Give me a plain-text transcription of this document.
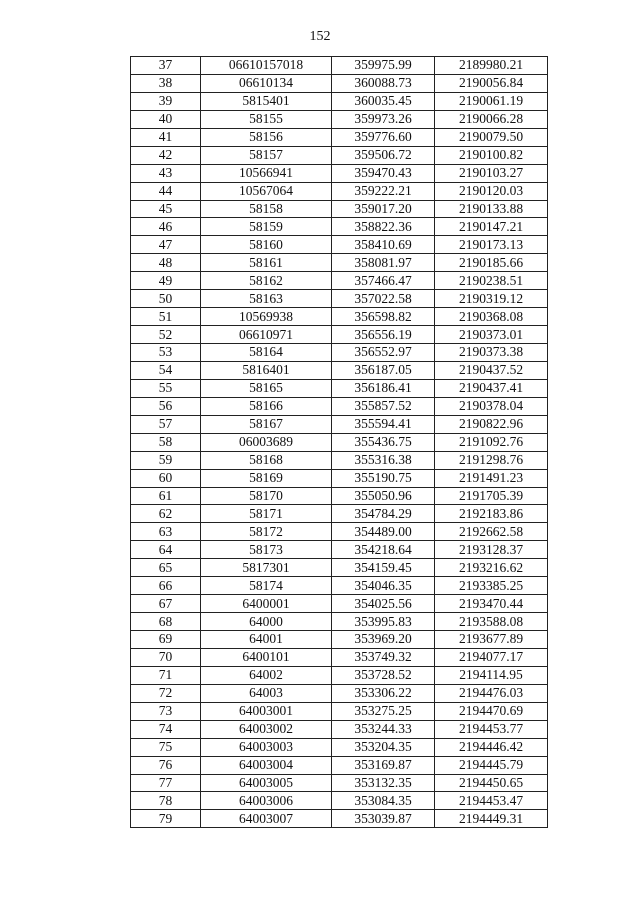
152
37	06610157018	359975.99	2189980.21
38	06610134	360088.73	2190056.84
39	5815401	360035.45	2190061.19
40	58155	359973.26	2190066.28
41	58156	359776.60	2190079.50
42	58157	359506.72	2190100.82
43	10566941	359470.43	2190103.27
44	10567064	359222.21	2190120.03
45	58158	359017.20	2190133.88
46	58159	358822.36	2190147.21
47	58160	358410.69	2190173.13
48	58161	358081.97	2190185.66
49	58162	357466.47	2190238.51
50	58163	357022.58	2190319.12
51	10569938	356598.82	2190368.08
52	06610971	356556.19	2190373.01
53	58164	356552.97	2190373.38
54	5816401	356187.05	2190437.52
55	58165	356186.41	2190437.41
56	58166	355857.52	2190378.04
57	58167	355594.41	2190822.96
58	06003689	355436.75	2191092.76
59	58168	355316.38	2191298.76
60	58169	355190.75	2191491.23
61	58170	355050.96	2191705.39
62	58171	354784.29	2192183.86
63	58172	354489.00	2192662.58
64	58173	354218.64	2193128.37
65	5817301	354159.45	2193216.62
66	58174	354046.35	2193385.25
67	6400001	354025.56	2193470.44
68	64000	353995.83	2193588.08
69	64001	353969.20	2193677.89
70	6400101	353749.32	2194077.17
71	64002	353728.52	2194114.95
72	64003	353306.22	2194476.03
73	64003001	353275.25	2194470.69
74	64003002	353244.33	2194453.77
75	64003003	353204.35	2194446.42
76	64003004	353169.87	2194445.79
77	64003005	353132.35	2194450.65
78	64003006	353084.35	2194453.47
79	64003007	353039.87	2194449.31
